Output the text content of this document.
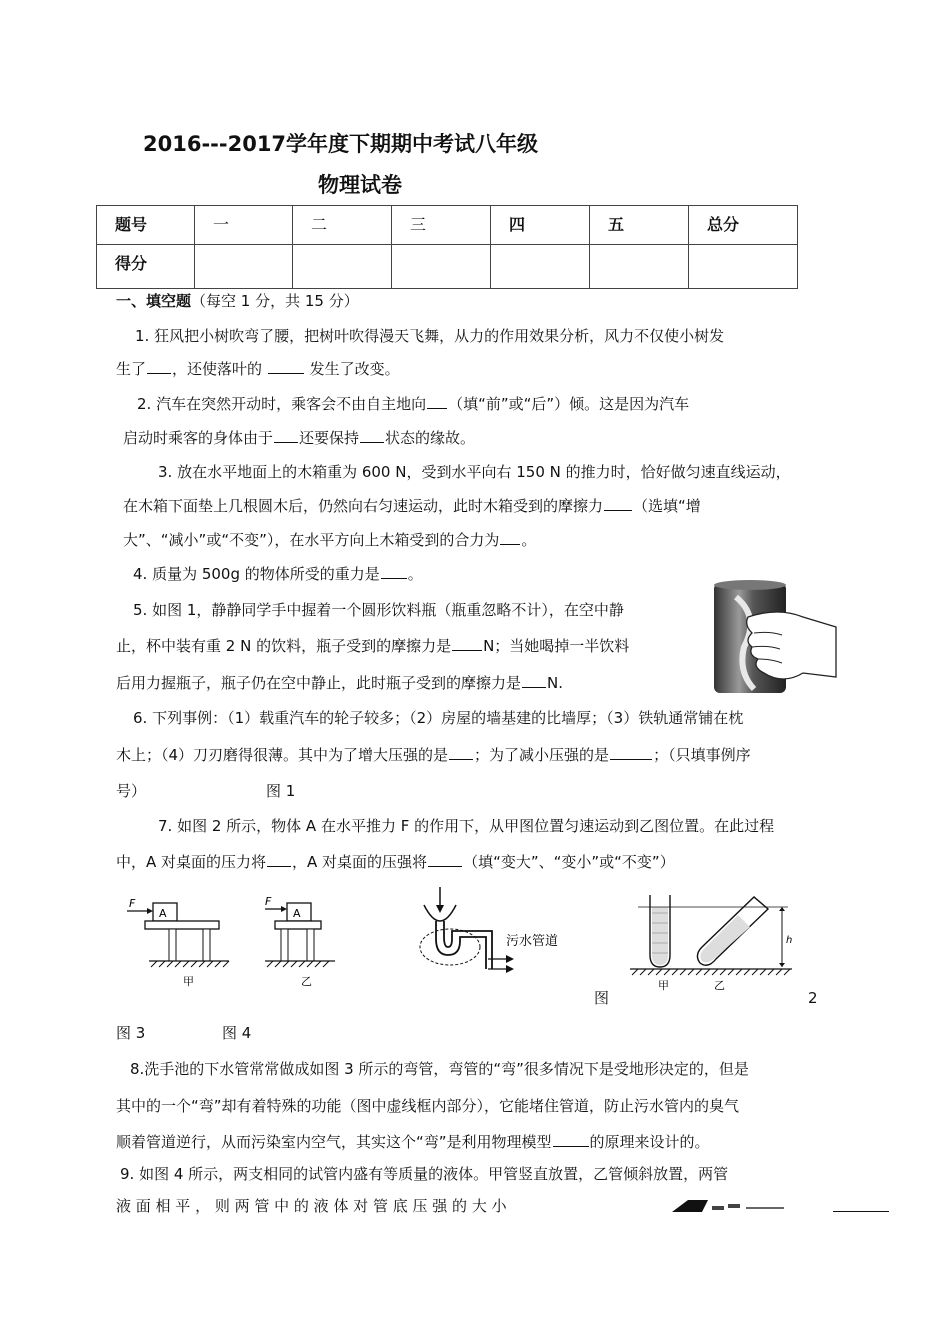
2016---2017学年度下期期中考试八年级
物理试卷
题号	一	二	三	四	五	总分
得分						
一、填空题（每空 1 分，共 15 分）
1. 狂风把小树吹弯了腰，把树叶吹得漫天飞舞，从力的作用效果分析，风力不仅使小树发
生了 ，还使落叶的	发生了改变。
2. 汽车在突然开动时，乘客会不由自主地向 （填“前”或“后”）倾。这是因为汽车
启动时乘客的身体由于 还要保持 状态的缘故。
3. 放在水平地面上的木箱重为 600 N，受到水平向右 150 N 的推力时，恰好做匀速直线运动，
在木箱下面垫上几根圆木后，仍然向右匀速运动，此时木箱受到的摩擦力 （选填“增
大”、“减小”或“不变”），在水平方向上木箱受到的合力为 。
4. 质量为 500g 的物体所受的重力是 。
5. 如图 1，静静同学手中握着一个圆形饮料瓶（瓶重忽略不计），在空中静
止，杯中装有重 2 N 的饮料，瓶子受到的摩擦力是 N；当她喝掉一半饮料
后用力握瓶子，瓶子仍在空中静止，此时瓶子受到的摩擦力是 N.
6. 下列事例：（1）载重汽车的轮子较多；（2）房屋的墙基建的比墙厚；（3）铁轨通常铺在枕
木上；（4）刀刃磨得很薄。其中为了增大压强的是 ；为了减小压强的是	；（只填事例序
号）	图 1
7. 如图 2 所示，物体 A 在水平推力 F 的作用下，从甲图位置匀速运动到乙图位置。在此过程
中，A 对桌面的压力将 ，A 对桌面的压强将 （填“变大”、“变小”或“不变”）
F
A
甲
F
A
乙
污水管道	h
甲	乙
图	2
图 3	图 4
8.洗手池的下水管常常做成如图 3 所示的弯管，弯管的“弯”很多情况下是受地形决定的，但是
其中的一个“弯”却有着特殊的功能（图中虚线框内部分），它能堵住管道，防止污水管内的臭气
顺着管道逆行，从而污染室内空气，其实这个“弯”是利用物理模型	的原理来设计的。
9. 如图 4 所示，两支相同的试管内盛有等质量的液体。甲管竖直放置，乙管倾斜放置，两管
液 面 相 平 ， 则 两 管 中 的 液 体 对 管 底 压 强 的 大 小
